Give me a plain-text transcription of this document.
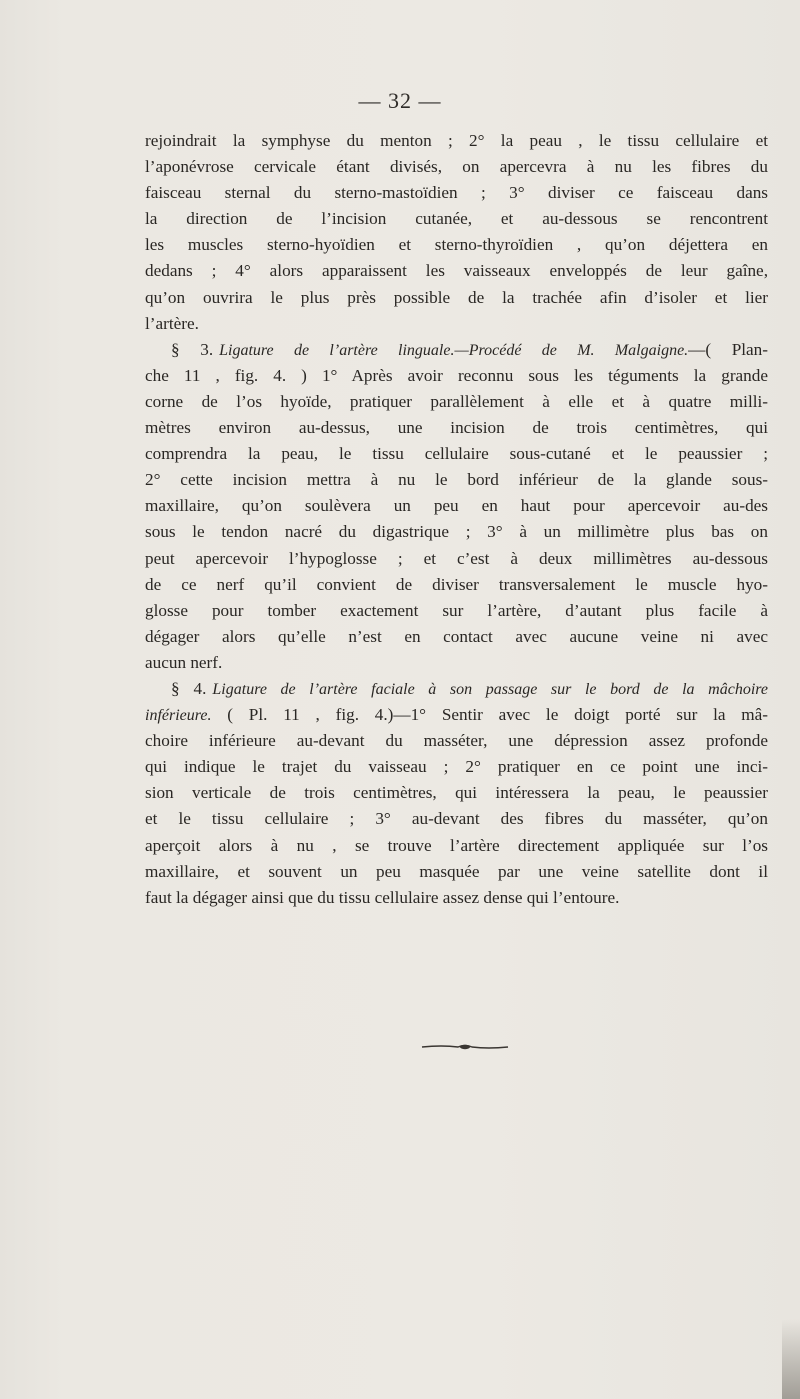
— 32 —
rejoindrait la symphyse du menton ; 2° la peau , le tissu cellulaire et
l’aponévrose cervicale étant divisés, on apercevra à nu les fibres du
faisceau sternal du sterno-mastoïdien ; 3° diviser ce faisceau dans
la direction de l’incision cutanée, et au-dessous se rencontrent
les muscles sterno-hyoïdien et sterno-thyroïdien , qu’on déjettera en
dedans ; 4° alors apparaissent les vaisseaux enveloppés de leur gaîne,
qu’on ouvrira le plus près possible de la trachée afin d’isoler et lier
l’artère.
§ 3. Ligature de l’artère linguale.—Procédé de M. Malgaigne.—( Plan-
che 11 , fig. 4. ) 1° Après avoir reconnu sous les téguments la grande
corne de l’os hyoïde, pratiquer parallèlement à elle et à quatre milli-
mètres environ au-dessus, une incision de trois centimètres, qui
comprendra la peau, le tissu cellulaire sous-cutané et le peaussier ;
2° cette incision mettra à nu le bord inférieur de la glande sous-
maxillaire, qu’on soulèvera un peu en haut pour apercevoir au-des
sous le tendon nacré du digastrique ; 3° à un millimètre plus bas on
peut apercevoir l’hypoglosse ; et c’est à deux millimètres au-dessous
de ce nerf qu’il convient de diviser transversalement le muscle hyo-
glosse pour tomber exactement sur l’artère, d’autant plus facile à
dégager alors qu’elle n’est en contact avec aucune veine ni avec
aucun nerf.
§ 4. Ligature de l’artère faciale à son passage sur le bord de la mâchoire
inférieure. ( Pl. 11 , fig. 4.)—1° Sentir avec le doigt porté sur la mâ-
choire inférieure au-devant du masséter, une dépression assez profonde
qui indique le trajet du vaisseau ; 2° pratiquer en ce point une inci-
sion verticale de trois centimètres, qui intéressera la peau, le peaussier
et le tissu cellulaire ; 3° au-devant des fibres du masséter, qu’on
aperçoit alors à nu , se trouve l’artère directement appliquée sur l’os
maxillaire, et souvent un peu masquée par une veine satellite dont il
faut la dégager ainsi que du tissu cellulaire assez dense qui l’entoure.
